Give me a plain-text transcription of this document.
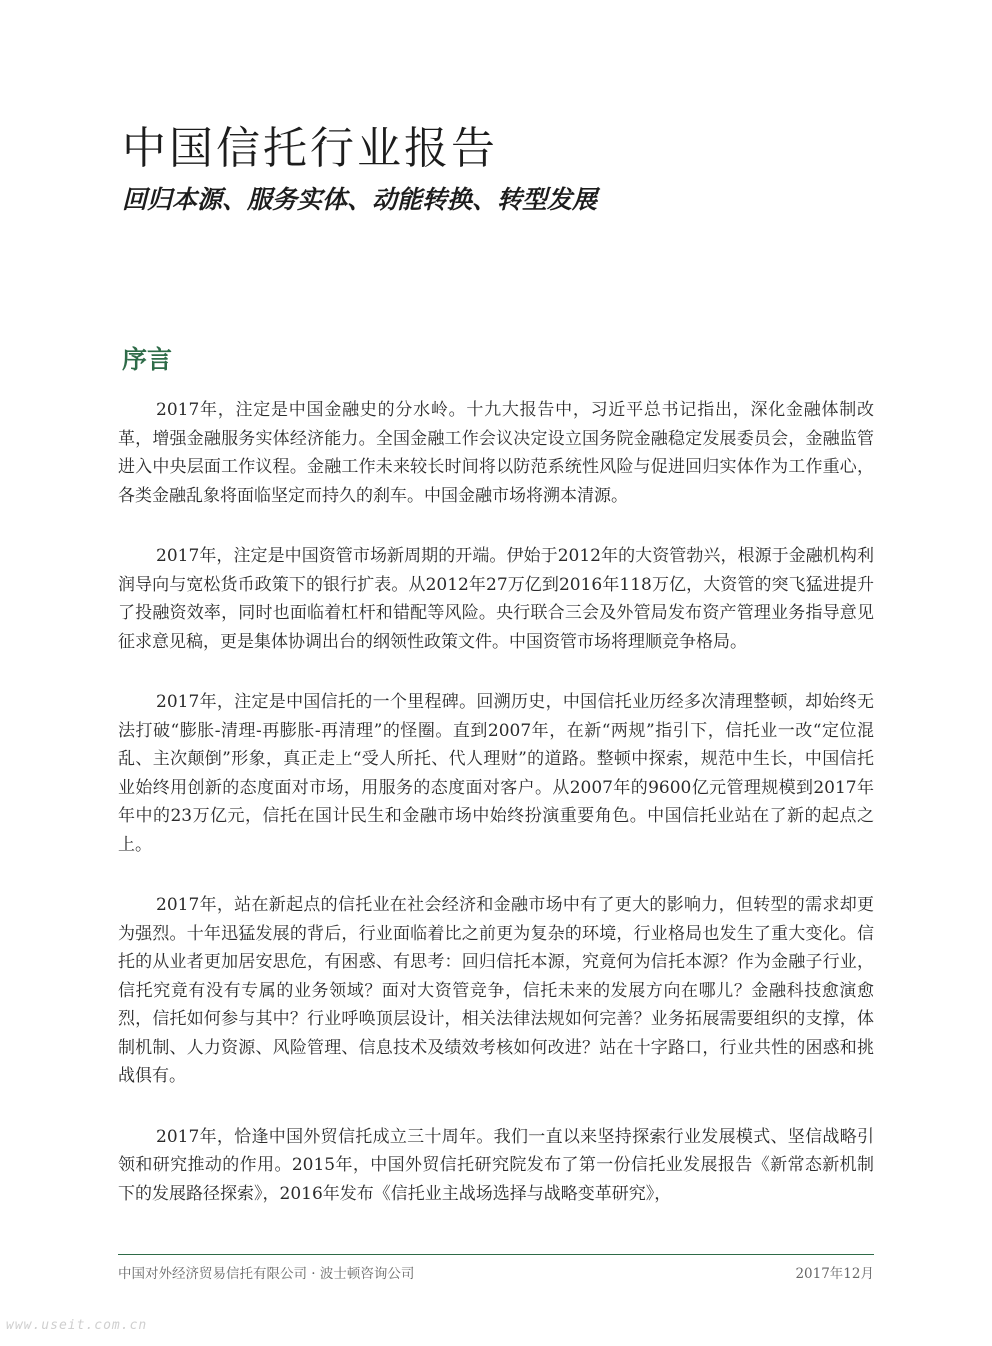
中国信托行业报告
回归本源、服务实体、动能转换、转型发展
序言

2017年，注定是中国金融史的分水岭。十九大报告中，习近平总书记指出，深化金融体制改革，增强金融服务实体经济能力。全国金融工作会议决定设立国务院金融稳定发展委员会，金融监管进入中央层面工作议程。金融工作未来较长时间将以防范系统性风险与促进回归实体作为工作重心，各类金融乱象将面临坚定而持久的刹车。中国金融市场将溯本清源。

2017年，注定是中国资管市场新周期的开端。伊始于2012年的大资管勃兴，根源于金融机构利润导向与宽松货币政策下的银行扩表。从2012年27万亿到2016年118万亿，大资管的突飞猛进提升了投融资效率，同时也面临着杠杆和错配等风险。央行联合三会及外管局发布资产管理业务指导意见征求意见稿，更是集体协调出台的纲领性政策文件。中国资管市场将理顺竞争格局。

2017年，注定是中国信托的一个里程碑。回溯历史，中国信托业历经多次清理整顿，却始终无法打破“膨胀-清理-再膨胀-再清理”的怪圈。直到2007年，在新“两规”指引下，信托业一改“定位混乱、主次颠倒”形象，真正走上“受人所托、代人理财”的道路。整顿中探索，规范中生长，中国信托业始终用创新的态度面对市场，用服务的态度面对客户。从2007年的9600亿元管理规模到2017年年中的23万亿元，信托在国计民生和金融市场中始终扮演重要角色。中国信托业站在了新的起点之上。

2017年，站在新起点的信托业在社会经济和金融市场中有了更大的影响力，但转型的需求却更为强烈。十年迅猛发展的背后，行业面临着比之前更为复杂的环境，行业格局也发生了重大变化。信托的从业者更加居安思危，有困惑、有思考：回归信托本源，究竟何为信托本源？作为金融子行业，信托究竟有没有专属的业务领域？面对大资管竞争，信托未来的发展方向在哪儿？金融科技愈演愈烈，信托如何参与其中？行业呼唤顶层设计，相关法律法规如何完善？业务拓展需要组织的支撑，体制机制、人力资源、风险管理、信息技术及绩效考核如何改进？站在十字路口，行业共性的困惑和挑战俱有。

2017年，恰逢中国外贸信托成立三十周年。我们一直以来坚持探索行业发展模式、坚信战略引领和研究推动的作用。2015年，中国外贸信托研究院发布了第一份信托业发展报告《新常态新机制下的发展路径探索》，2016年发布《信托业主战场选择与战略变革研究》，

中国对外经济贸易信托有限公司 · 波士顿咨询公司	2017年12月
www.useit.com.cn
